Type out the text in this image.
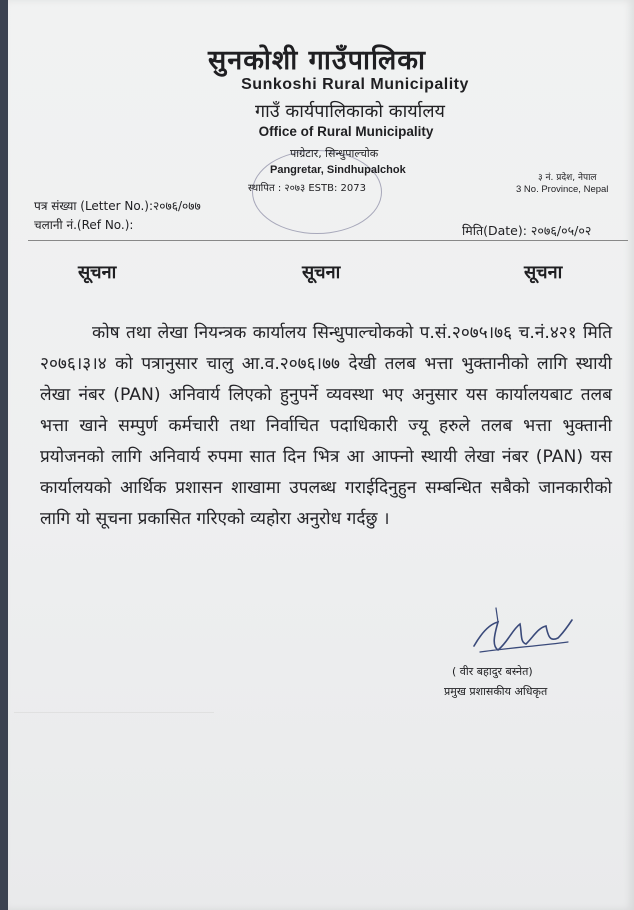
सुनकोशी गाउँपालिका
Sunkoshi Rural Municipality
गाउँ कार्यपालिकाको कार्यालय
Office of Rural Municipality
पाग्रेटार, सिन्धुपाल्चोक
Pangretar, Sindhupalchok
स्थापित : २०७३ ESTB: 2073
३ नं. प्रदेश, नेपाल
3 No. Province, Nepal
पत्र संख्या (Letter No.):२०७६/०७७
चलानी नं.(Ref No.):	मिति(Date): २०७६/०५/०२
सूचना	सूचना	सूचना
कोष तथा लेखा नियन्त्रक कार्यालय सिन्धुपाल्चोकको प.सं.२०७५।७६ च.नं.४२१ मिति २०७६।३।४ को पत्रानुसार चालु आ.व.२०७६।७७ देखी तलब भत्ता भुक्तानीको लागि स्थायी लेखा नंबर (PAN) अनिवार्य लिएको हुनुपर्ने व्यवस्था भए अनुसार यस कार्यालयबाट तलब भत्ता खाने सम्पुर्ण कर्मचारी तथा निर्वाचित पदाधिकारी ज्यू हरुले तलब भत्ता भुक्तानी प्रयोजनको लागि अनिवार्य रुपमा सात दिन भित्र आ आफ्नो स्थायी लेखा नंबर (PAN) यस कार्यालयको आर्थिक प्रशासन शाखामा उपलब्ध गराईदिनुहुन सम्बन्धित सबैको जानकारीको लागि यो सूचना प्रकासित गरिएको व्यहोरा अनुरोध गर्दछु ।
( वीर बहादुर बस्नेत)
प्रमुख प्रशासकीय अधिकृत
